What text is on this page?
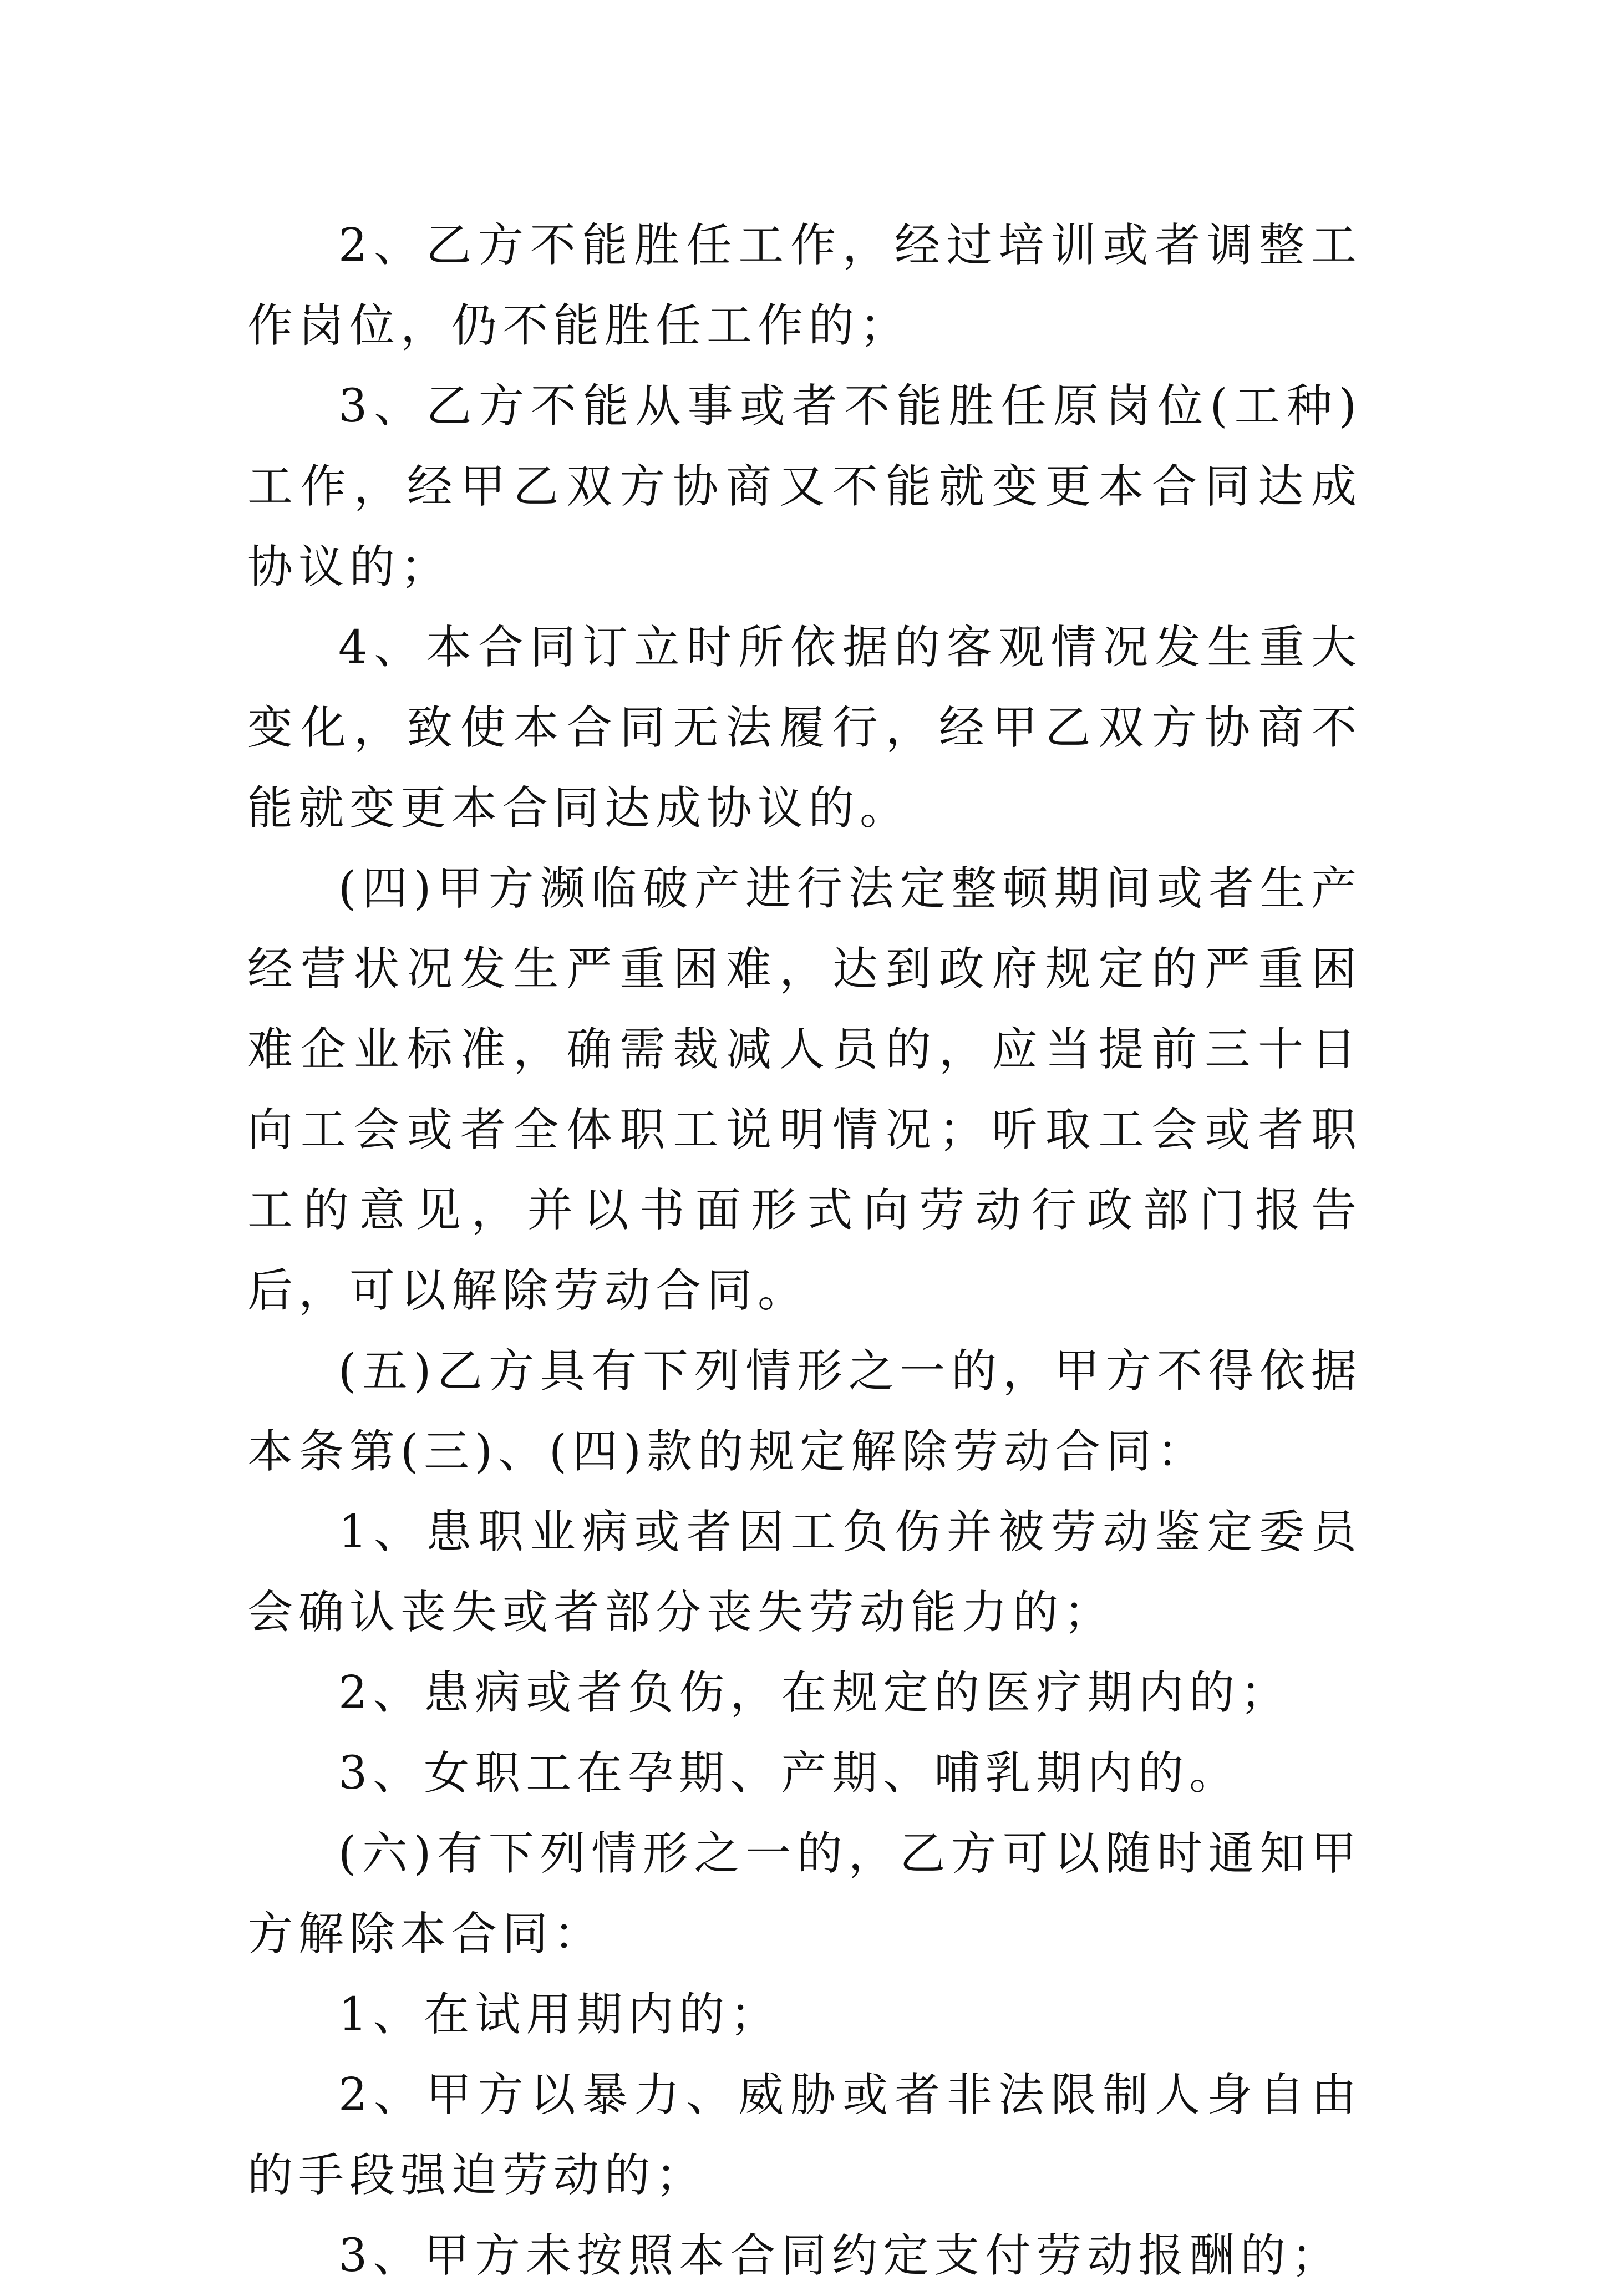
2、乙方不能胜任工作，经过培训或者调整工作岗位，仍不能胜任工作的；

3、乙方不能从事或者不能胜任原岗位(工种)工作，经甲乙双方协商又不能就变更本合同达成协议的；

4、本合同订立时所依据的客观情况发生重大变化，致使本合同无法履行，经甲乙双方协商不能就变更本合同达成协议的。

(四)甲方濒临破产进行法定整顿期间或者生产经营状况发生严重困难，达到政府规定的严重困难企业标准，确需裁减人员的，应当提前三十日向工会或者全体职工说明情况；听取工会或者职工的意见，并以书面形式向劳动行政部门报告后，可以解除劳动合同。

(五)乙方具有下列情形之一的，甲方不得依据本条第(三)、(四)款的规定解除劳动合同：

1、患职业病或者因工负伤并被劳动鉴定委员会确认丧失或者部分丧失劳动能力的；

2、患病或者负伤，在规定的医疗期内的；

3、女职工在孕期、产期、哺乳期内的。

(六)有下列情形之一的，乙方可以随时通知甲方解除本合同：

1、在试用期内的；

2、甲方以暴力、威胁或者非法限制人身自由的手段强迫劳动的；

3、甲方未按照本合同约定支付劳动报酬的；
